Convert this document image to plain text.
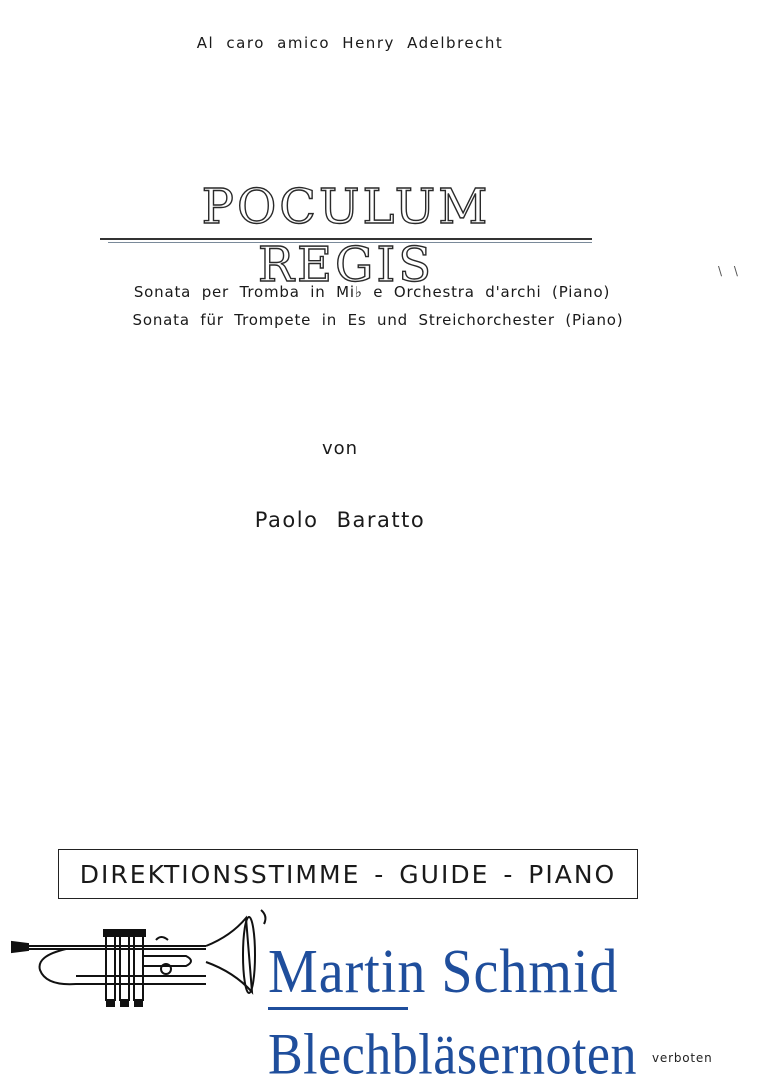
Al caro amico Henry Adelbrecht
POCULUM REGIS	\ \
Sonata per Tromba in Mi♭ e Orchestra d'archi (Piano)
Sonata für Trompete in Es und Streichorchester (Piano)
von
Paolo Baratto
DIREKTIONSSTIMME - GUIDE - PIANO
Martin Schmid
Blechbläsernoten verboten
